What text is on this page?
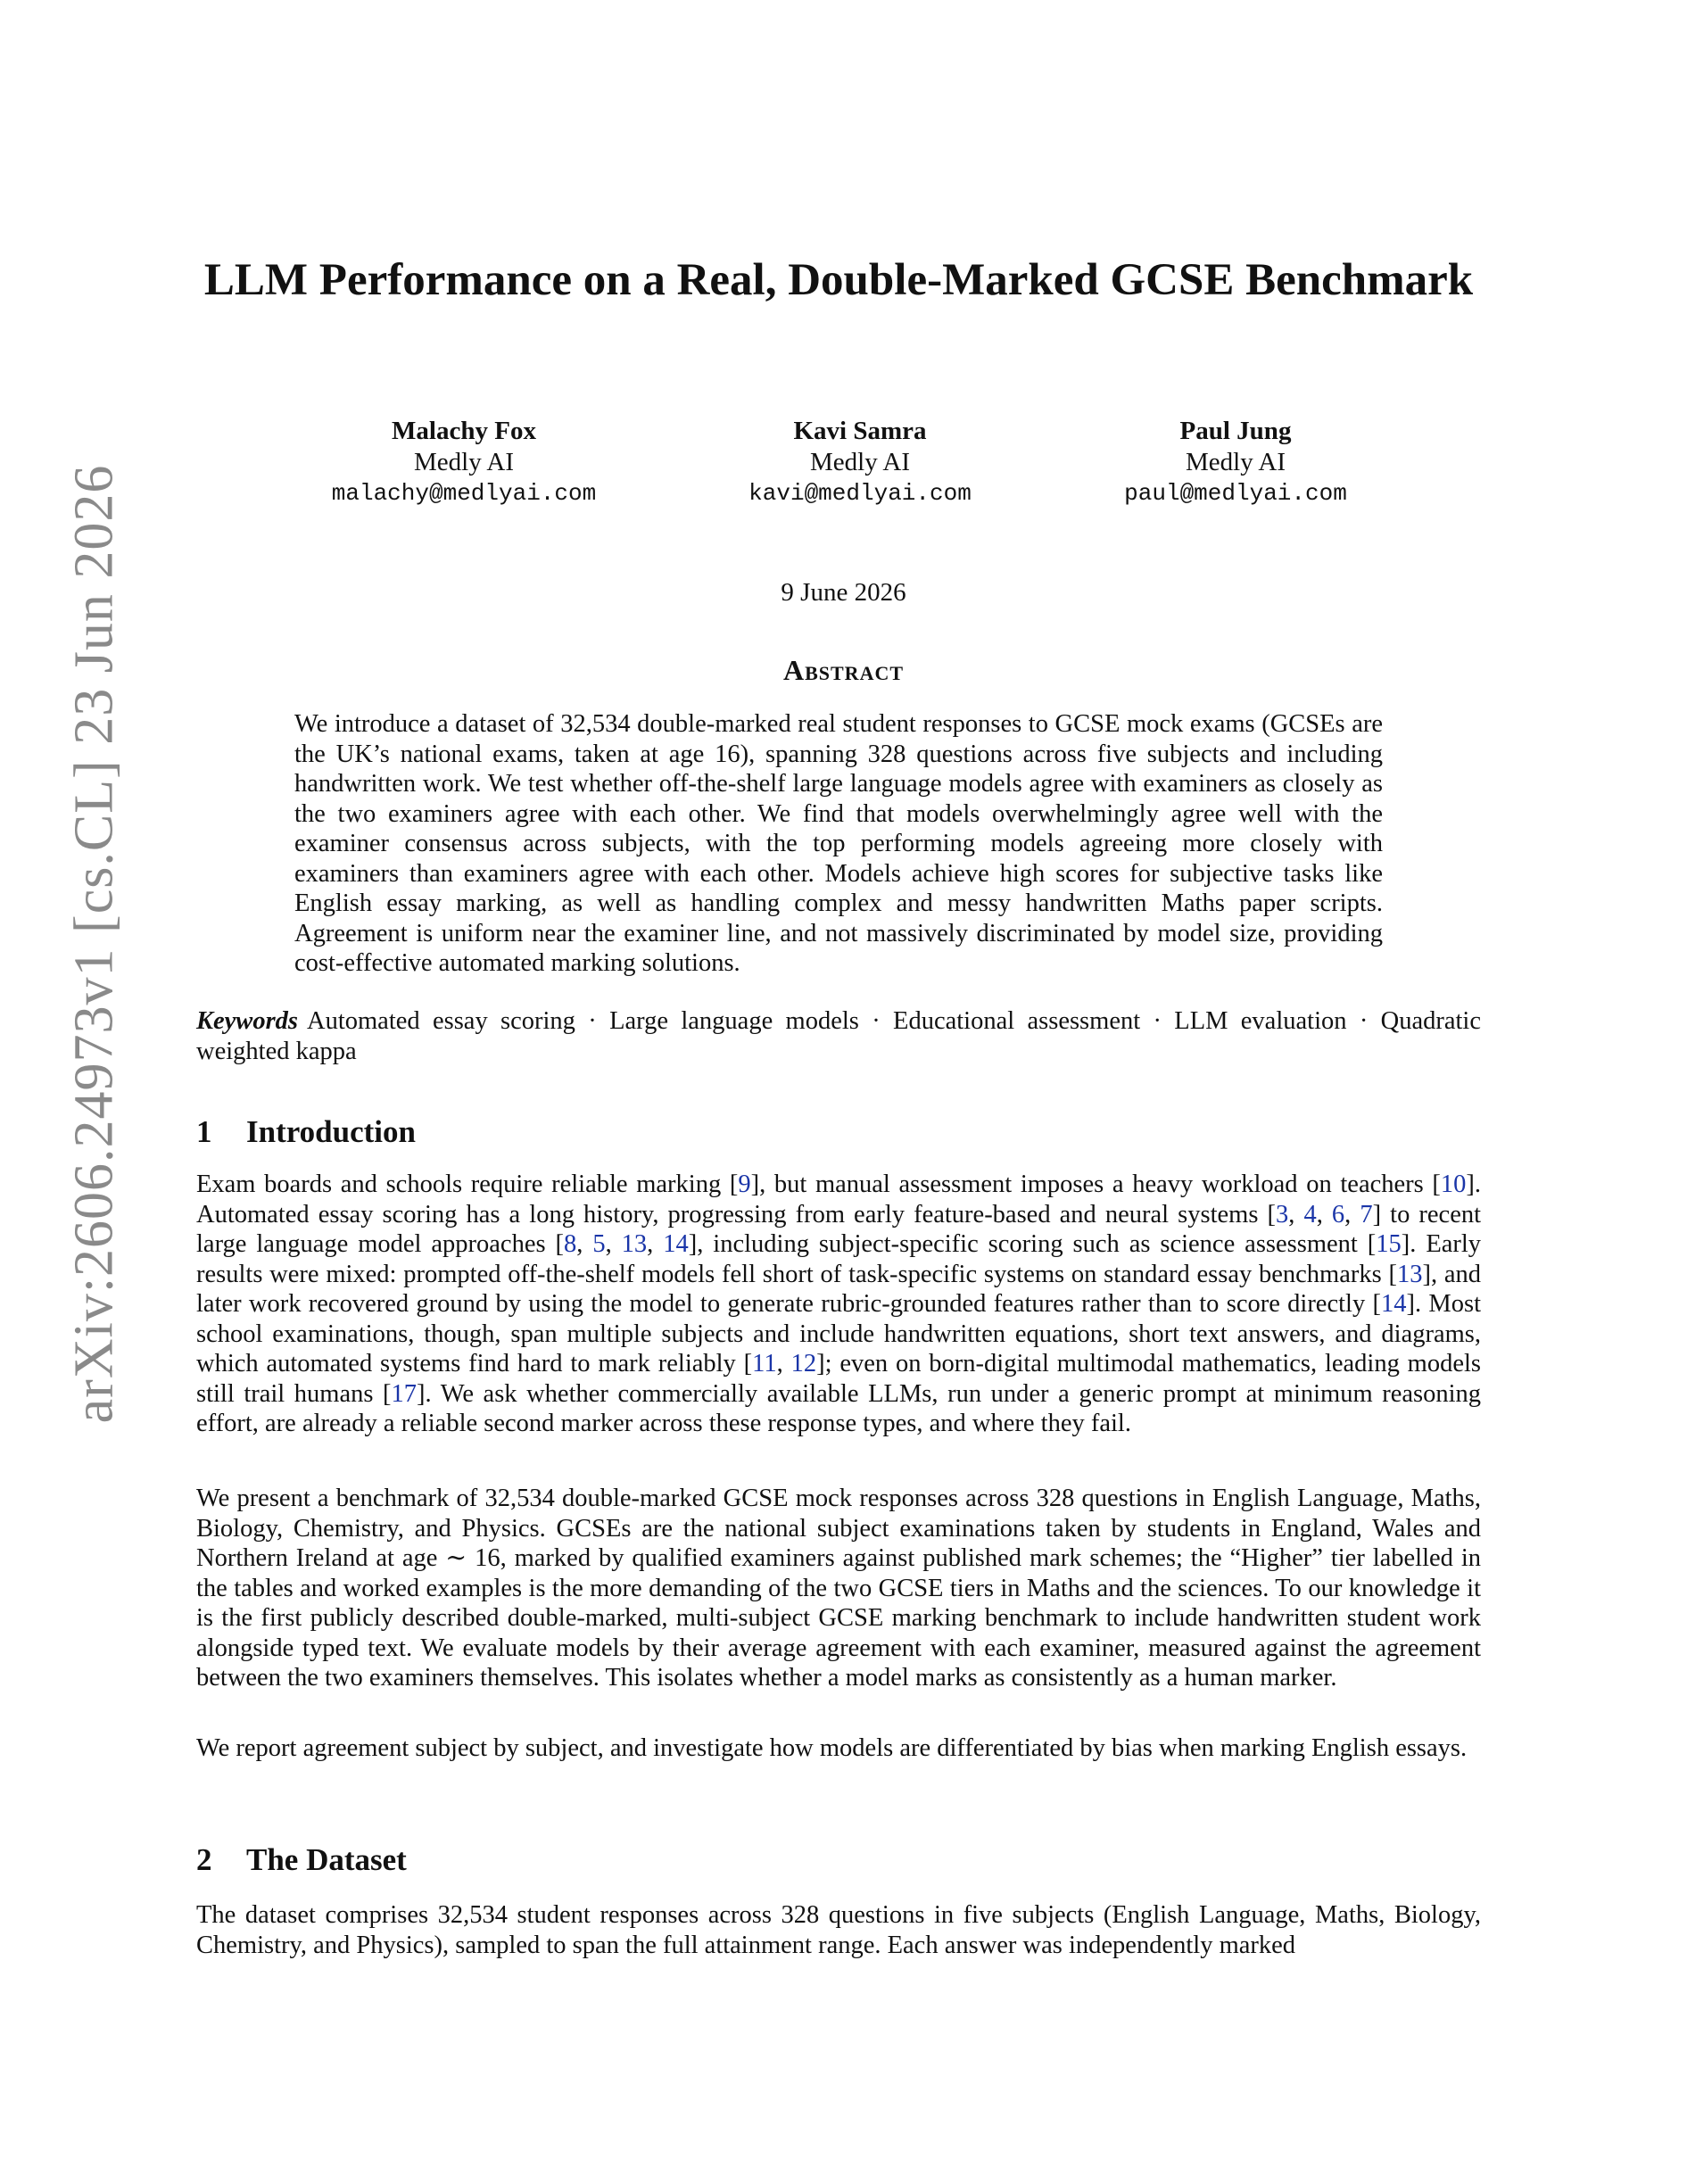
arXiv:2606.24973v1 [cs.CL] 23 Jun 2026
LLM Performance on a Real, Double-Marked GCSE Benchmark
Malachy Fox
Medly AI
malachy@medlyai.com
Kavi Samra
Medly AI
kavi@medlyai.com
Paul Jung
Medly AI
paul@medlyai.com
9 June 2026
Abstract

We introduce a dataset of 32,534 double-marked real student responses to GCSE mock exams (GCSEs are the UK’s national exams, taken at age 16), spanning 328 questions across five subjects and including handwritten work. We test whether off-the-shelf large language models agree with examiners as closely as the two examiners agree with each other. We find that models overwhelmingly agree well with the examiner consensus across subjects, with the top performing models agreeing more closely with examiners than examiners agree with each other. Models achieve high scores for subjective tasks like English essay marking, as well as handling complex and messy handwritten Maths paper scripts. Agreement is uniform near the examiner line, and not massively discriminated by model size, providing cost-effective automated marking solutions.

Keywords Automated essay scoring · Large language models · Educational assessment · LLM evaluation · Quadratic weighted kappa

1 Introduction

Exam boards and schools require reliable marking [9], but manual assessment imposes a heavy workload on teachers [10]. Automated essay scoring has a long history, progressing from early feature-based and neural systems [3, 4, 6, 7] to recent large language model approaches [8, 5, 13, 14], including subject-specific scoring such as science assessment [15]. Early results were mixed: prompted off-the-shelf models fell short of task-specific systems on standard essay benchmarks [13], and later work recovered ground by using the model to generate rubric-grounded features rather than to score directly [14]. Most school examinations, though, span multiple subjects and include handwritten equations, short text answers, and diagrams, which automated systems find hard to mark reliably [11, 12]; even on born-digital multimodal mathematics, leading models still trail humans [17]. We ask whether commercially available LLMs, run under a generic prompt at minimum reasoning effort, are already a reliable second marker across these response types, and where they fail.

We present a benchmark of 32,534 double-marked GCSE mock responses across 328 questions in English Language, Maths, Biology, Chemistry, and Physics. GCSEs are the national subject examinations taken by students in England, Wales and Northern Ireland at age ∼ 16, marked by qualified examiners against published mark schemes; the “Higher” tier labelled in the tables and worked examples is the more demanding of the two GCSE tiers in Maths and the sciences. To our knowledge it is the first publicly described double-marked, multi-subject GCSE marking benchmark to include handwritten student work alongside typed text. We evaluate models by their average agreement with each examiner, measured against the agreement between the two examiners themselves. This isolates whether a model marks as consistently as a human marker.

We report agreement subject by subject, and investigate how models are differentiated by bias when marking English essays.

2 The Dataset

The dataset comprises 32,534 student responses across 328 questions in five subjects (English Language, Maths, Biology, Chemistry, and Physics), sampled to span the full attainment range. Each answer was independently marked
